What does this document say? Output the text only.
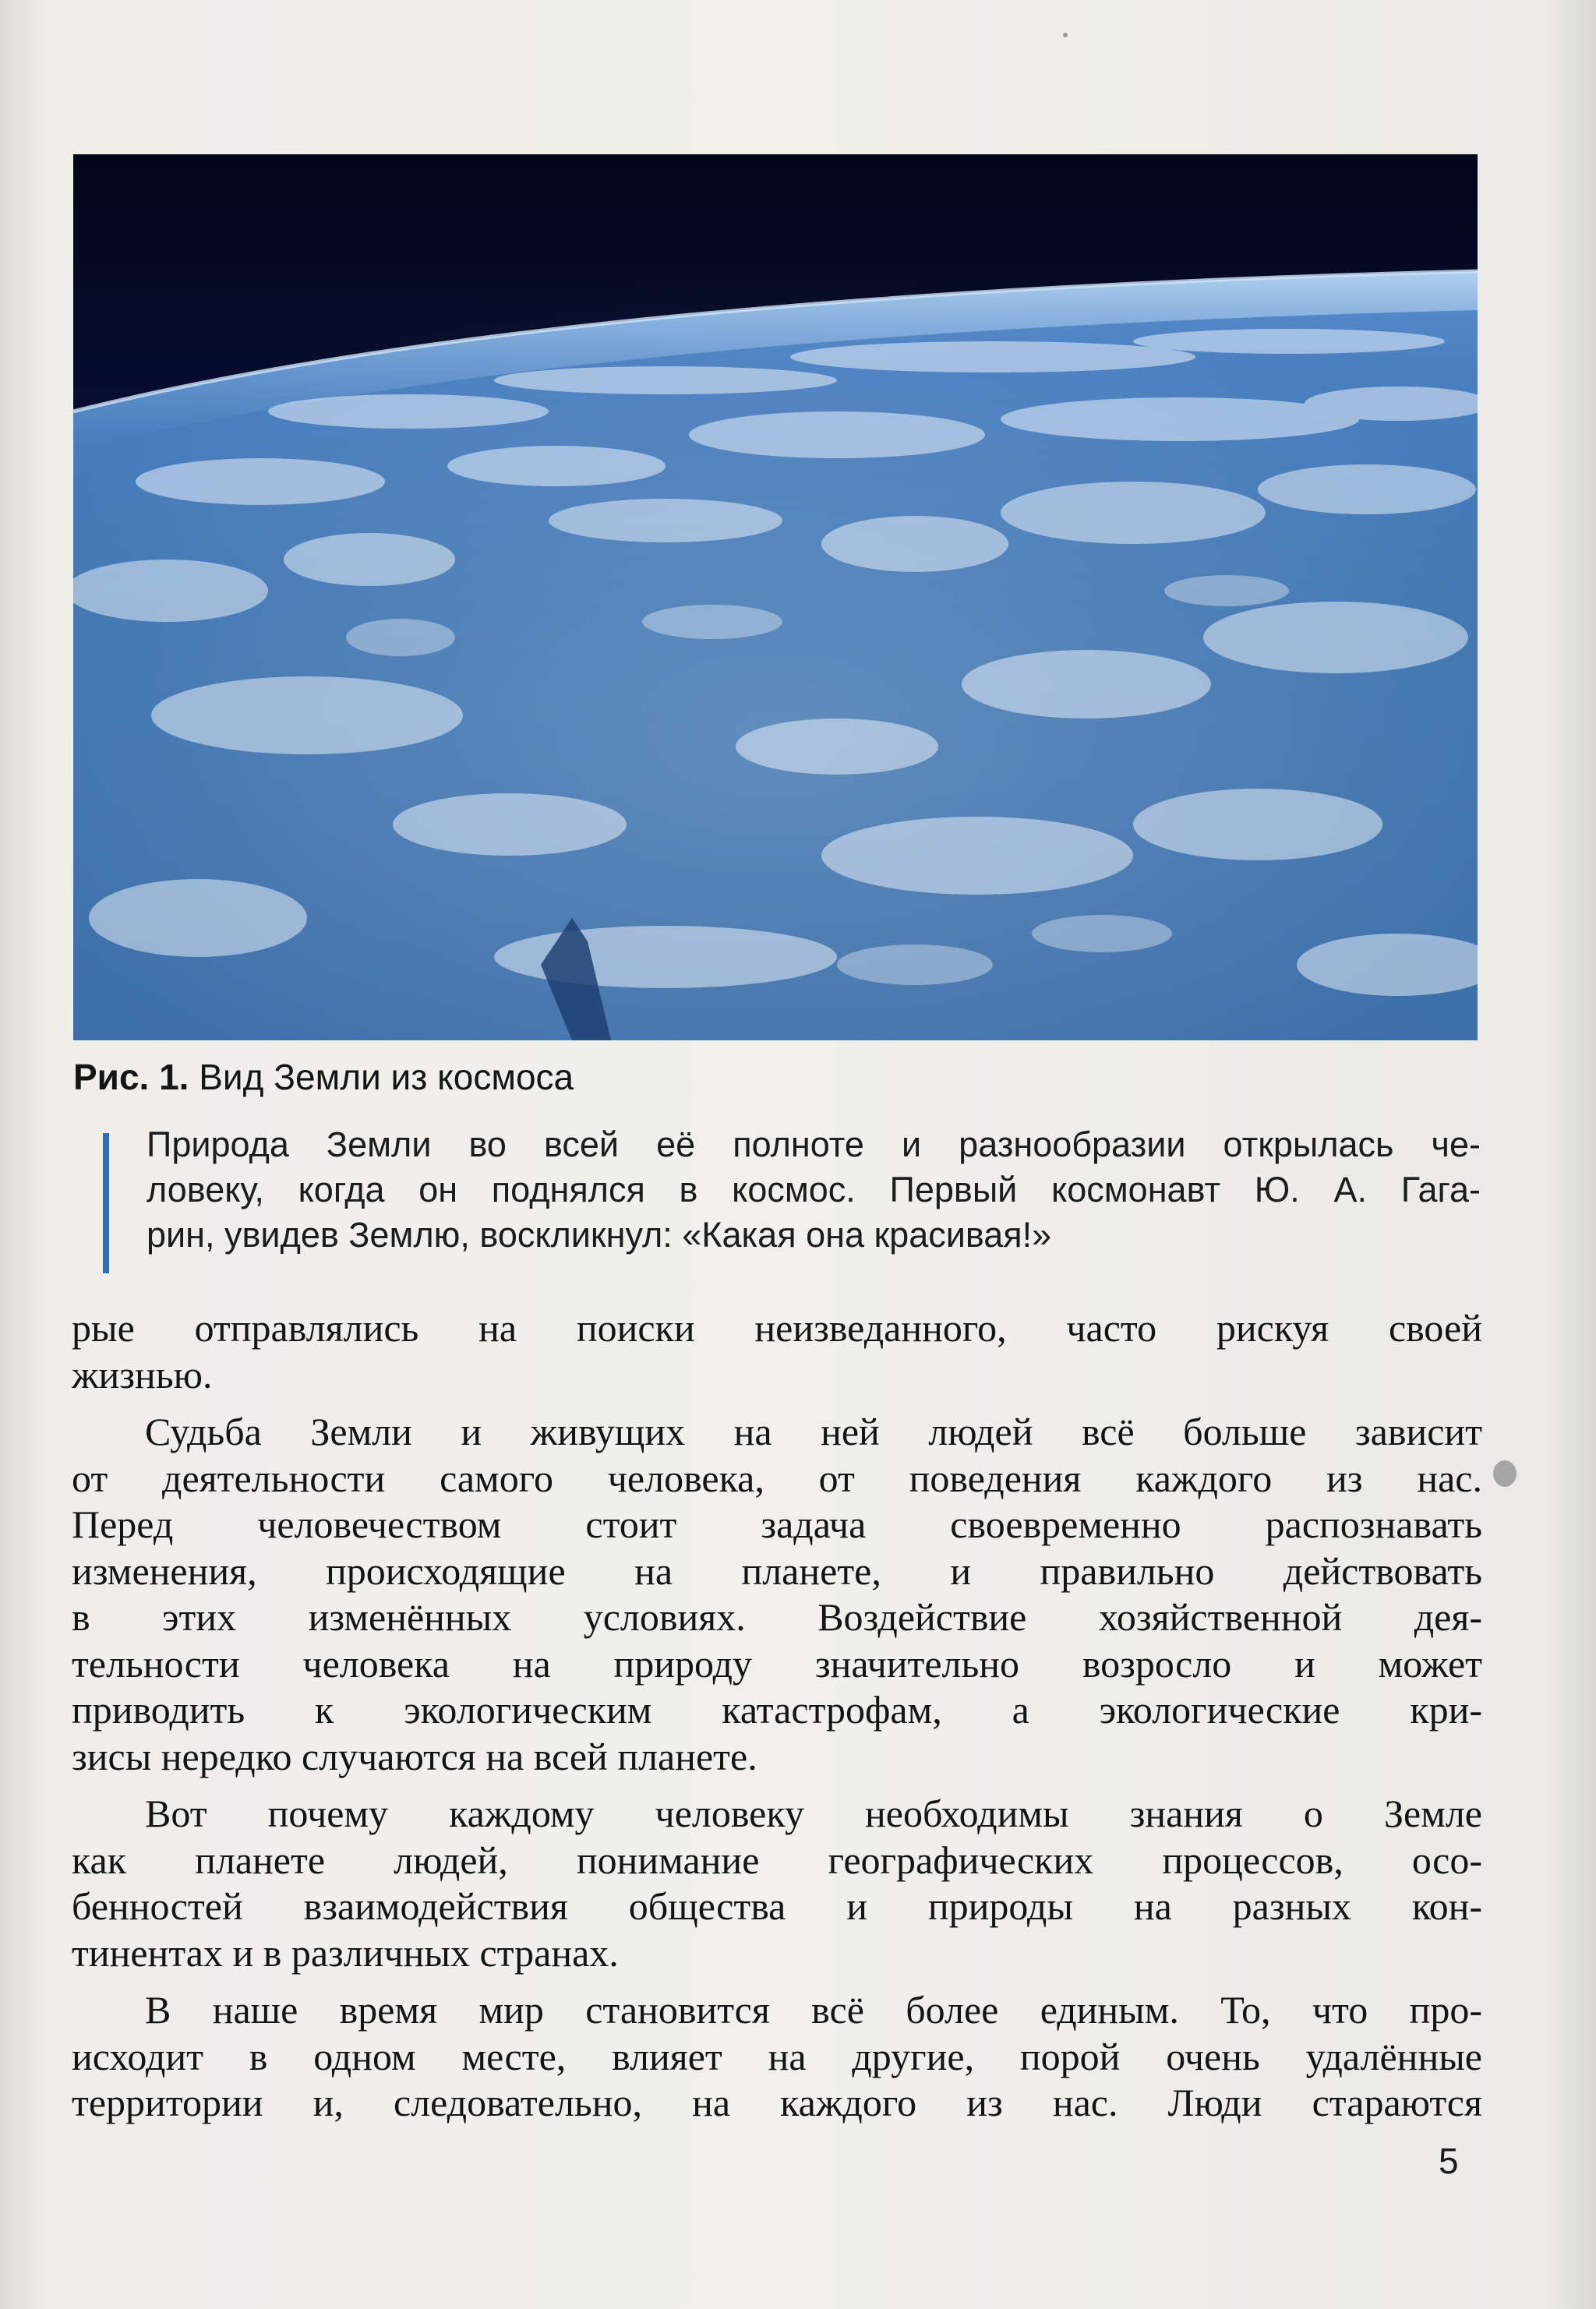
Рис. 1. Вид Земли из космоса
Природа Земли во всей её полноте и разнообразии открылась че-
ловеку, когда он поднялся в космос. Первый космонавт Ю. А. Гага-
рин, увидев Землю, воскликнул: «Какая она красивая!»
рые отправлялись на поиски неизведанного, часто рискуя своей
жизнью.
Судьба Земли и живущих на ней людей всё больше зависит
от деятельности самого человека, от поведения каждого из нас.
Перед человечеством стоит задача своевременно распознавать
изменения, происходящие на планете, и правильно действовать
в этих изменённых условиях. Воздействие хозяйственной дея-
тельности человека на природу значительно возросло и может
приводить к экологическим катастрофам, а экологические кри-
зисы нередко случаются на всей планете.
Вот почему каждому человеку необходимы знания о Земле
как планете людей, понимание географических процессов, осо-
бенностей взаимодействия общества и природы на разных кон-
тинентах и в различных странах.
В наше время мир становится всё более единым. То, что про-
исходит в одном месте, влияет на другие, порой очень удалённые
территории и, следовательно, на каждого из нас. Люди стараются
5
